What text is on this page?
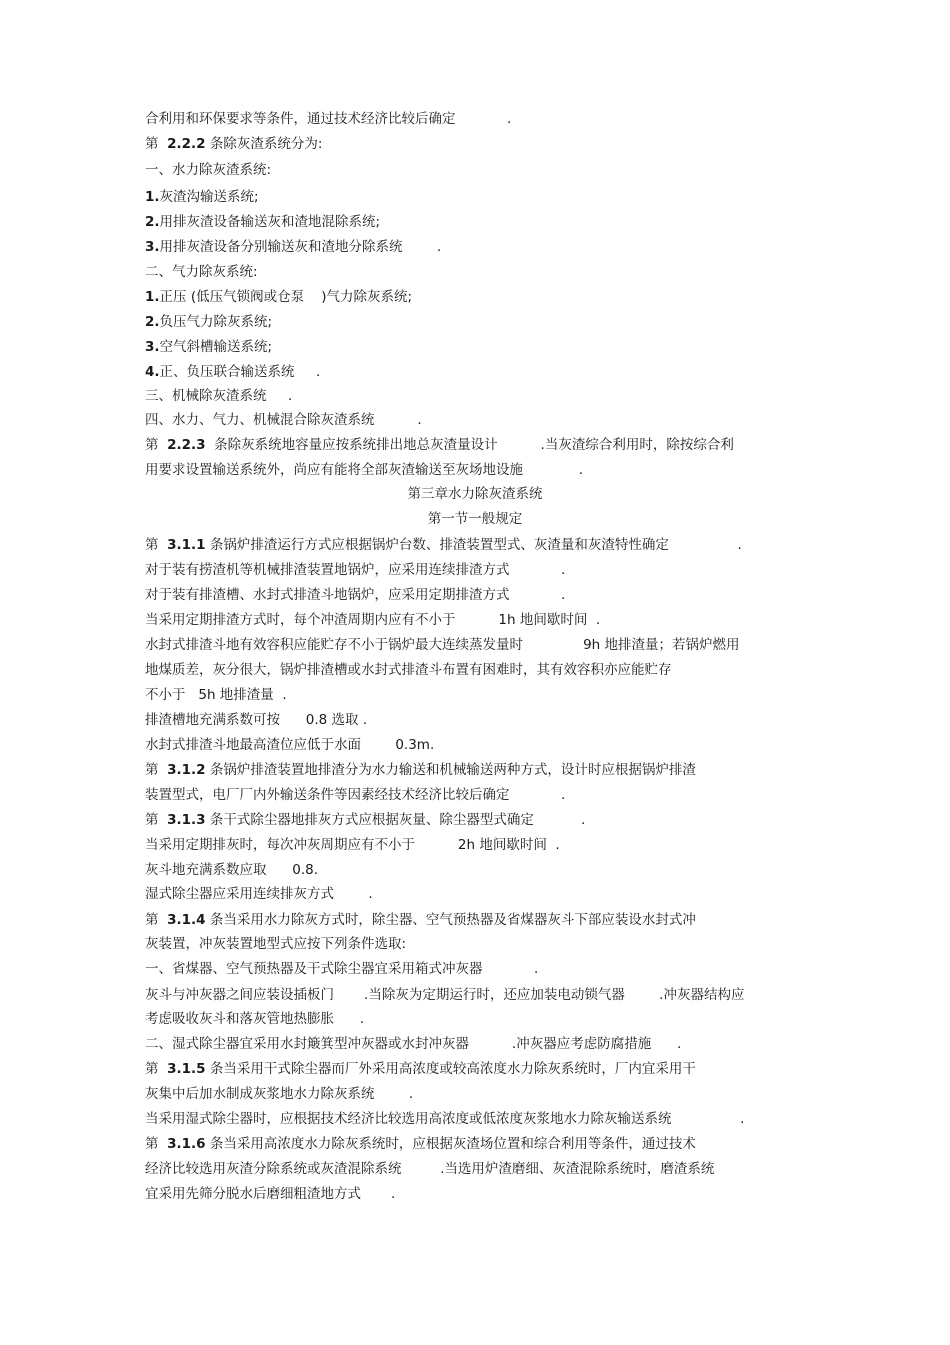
合利用和环保要求等条件，通过技术经济比较后确定            .
第  2.2.2 条除灰渣系统分为:
一、水力除灰渣系统:
1.灰渣沟输送系统;
2.用排灰渣设备输送灰和渣地混除系统;
3.用排灰渣设备分别输送灰和渣地分除系统        .
二、气力除灰系统:
1.正压 (低压气锁阀或仓泵    )气力除灰系统;
2.负压气力除灰系统;
3.空气斜槽输送系统;
4.正、负压联合输送系统     .
三、机械除灰渣系统     .
四、水力、气力、机械混合除灰渣系统          .
第  2.2.3  条除灰系统地容量应按系统排出地总灰渣量设计          .当灰渣综合利用时，除按综合利
用要求设置输送系统外，尚应有能将全部灰渣输送至灰场地设施             .
第三章水力除灰渣系统
第一节一般规定
第  3.1.1 条锅炉排渣运行方式应根据锅炉台数、排渣装置型式、灰渣量和灰渣特性确定                .
对于装有捞渣机等机械排渣装置地锅炉，应采用连续排渣方式            .
对于装有排渣槽、水封式排渣斗地锅炉，应采用定期排渣方式            .
当采用定期排渣方式时，每个冲渣周期内应有不小于          1h 地间歇时间  .
水封式排渣斗地有效容积应能贮存不小于锅炉最大连续蒸发量时              9h 地排渣量；若锅炉燃用
地煤质差，灰分很大，锅炉排渣槽或水封式排渣斗布置有困难时，其有效容积亦应能贮存
不小于   5h 地排渣量  .
排渣槽地充满系数可按      0.8 选取 .
水封式排渣斗地最高渣位应低于水面        0.3m.
第  3.1.2 条锅炉排渣装置地排渣分为水力输送和机械输送两种方式，设计时应根据锅炉排渣
装置型式，电厂厂内外输送条件等因素经技术经济比较后确定            .
第  3.1.3 条干式除尘器地排灰方式应根据灰量、除尘器型式确定           .
当采用定期排灰时，每次冲灰周期应有不小于          2h 地间歇时间  .
灰斗地充满系数应取      0.8.
湿式除尘器应采用连续排灰方式        .
第  3.1.4 条当采用水力除灰方式时，除尘器、空气预热器及省煤器灰斗下部应装设水封式冲
灰装置，冲灰装置地型式应按下列条件选取:
一、省煤器、空气预热器及干式除尘器宜采用箱式冲灰器            .
灰斗与冲灰器之间应装设插板门       .当除灰为定期运行时，还应加装电动锁气器        .冲灰器结构应
考虑吸收灰斗和落灰管地热膨胀      .
二、湿式除尘器宜采用水封簸箕型冲灰器或水封冲灰器          .冲灰器应考虑防腐措施      .
第  3.1.5 条当采用干式除尘器而厂外采用高浓度或较高浓度水力除灰系统时，厂内宜采用干
灰集中后加水制成灰浆地水力除灰系统        .
当采用湿式除尘器时，应根据技术经济比较选用高浓度或低浓度灰浆地水力除灰输送系统                .
第  3.1.6 条当采用高浓度水力除灰系统时，应根据灰渣场位置和综合利用等条件，通过技术
经济比较选用灰渣分除系统或灰渣混除系统         .当选用炉渣磨细、灰渣混除系统时，磨渣系统
宜采用先筛分脱水后磨细粗渣地方式       .
